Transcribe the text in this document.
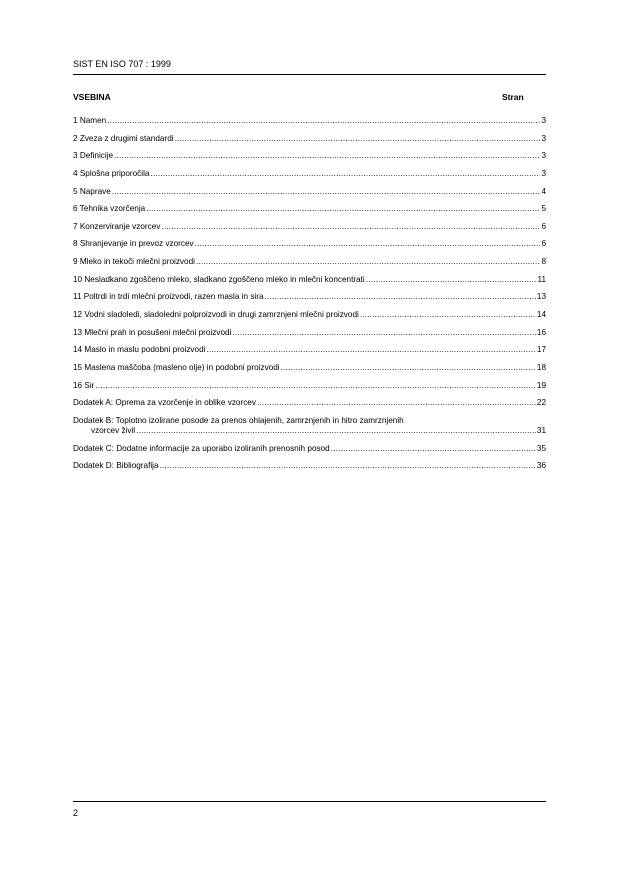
SIST EN ISO 707 : 1999
VSEBINA	Stran
1 Namen .....	3
2 Zveza z drugimi standardi .....	3
3 Definicije .....	3
4 Splošna priporočila .....	3
5 Naprave .....	4
6 Tehnika vzorčenja .....	5
7 Konzerviranje vzorcev .....	6
8 Shranjevanje in prevoz vzorcev .....	6
9 Mleko in tekoči mlečni proizvodi .....	8
10 Nesladkano zgoščeno mleko, sladkano zgoščeno mleko in mlečni koncentrati .....	11
11 Poltrdi in trdi mlečni proizvodi, razen masla in sira .....	13
12 Vodni sladoledi, sladoledni polproizvodi in drugi zamrznjeni mlečni proizvodi .....	14
13 Mlečni prah in posušeni mlečni proizvodi .....	16
14 Maslo in maslu podobni proizvodi .....	17
15 Maslena maščoba (masleno olje) in podobni proizvodi .....	18
16 Sir .....	19
Dodatek A: Oprema za vzorčenje in oblike vzorcev .....	22
Dodatek B: Toplotno izolirane posode za prenos ohlajenih, zamrznjenih in hitro zamrznjenih
vzorcev živil .....	31
Dodatek C: Dodatne informacije za uporabo izoliranih prenosnih posod .....	35
Dodatek D: Bibliografija .....	36
2
